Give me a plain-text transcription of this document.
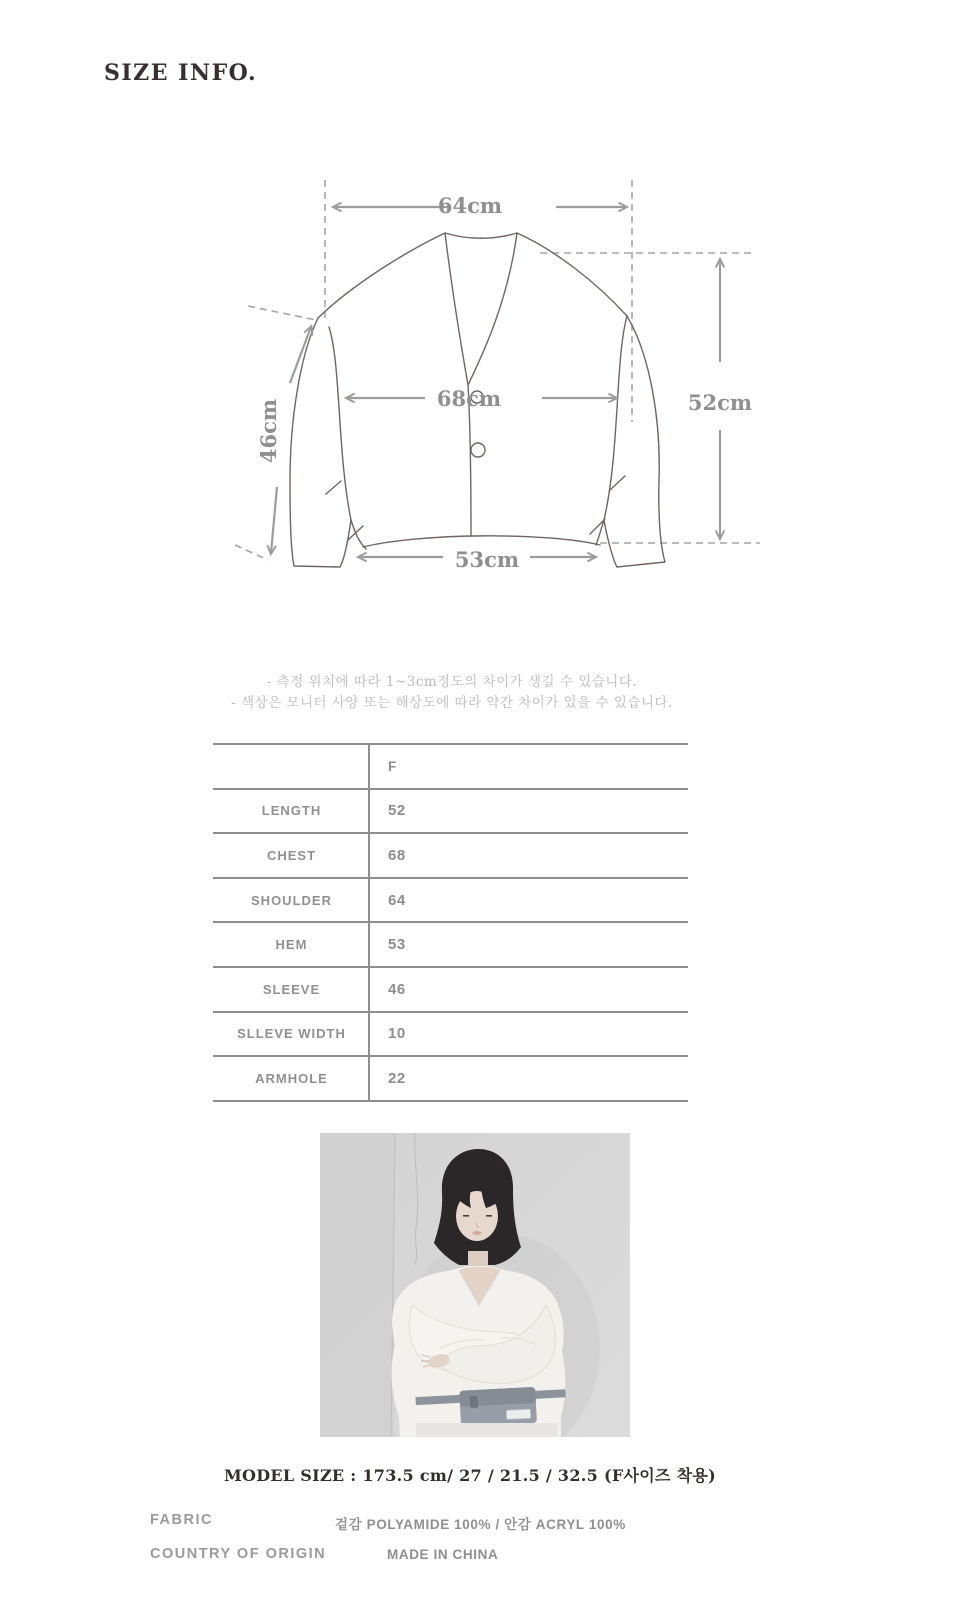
SIZE INFO.
64cm
68cm	52cm
53cm
46cm
- 측정 위치에 따라 1~3cm정도의 차이가 생길 수 있습니다.
- 색상은 모니터 사양 또는 해상도에 따라 약간 차이가 있을 수 있습니다.
F
LENGTH	52
CHEST	68
SHOULDER	64
HEM	53
SLEEVE	46
SLLEVE WIDTH	10
ARMHOLE	22
MODEL SIZE : 173.5 cm/ 27 / 21.5 / 32.5 (F사이즈 착용)
FABRIC	겉감 POLYAMIDE 100% / 안감 ACRYL 100%
COUNTRY OF ORIGIN	MADE IN CHINA
